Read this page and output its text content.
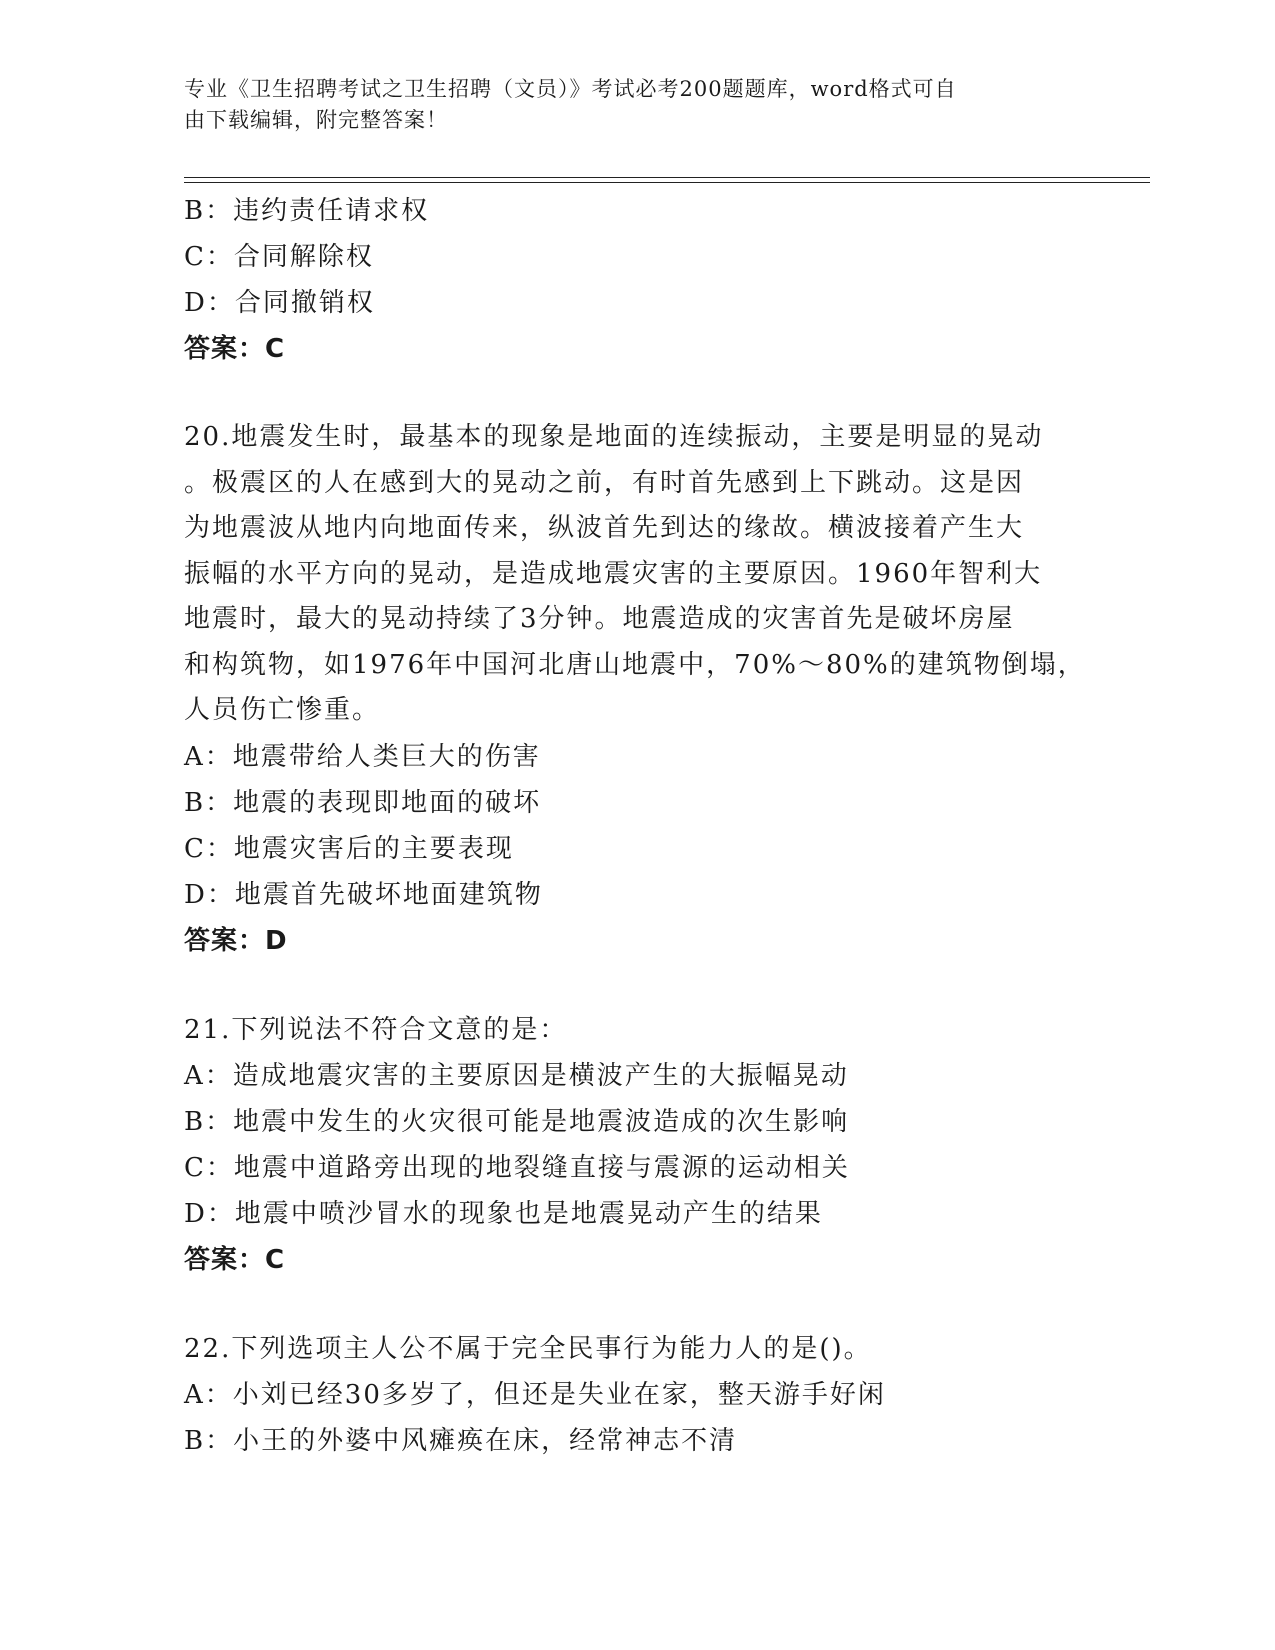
专业《卫生招聘考试之卫生招聘（文员）》考试必考200题题库，word格式可自
由下载编辑，附完整答案！
B：违约责任请求权
C：合同解除权
D：合同撤销权
答案：C
20.地震发生时，最基本的现象是地面的连续振动，主要是明显的晃动
。极震区的人在感到大的晃动之前，有时首先感到上下跳动。这是因
为地震波从地内向地面传来，纵波首先到达的缘故。横波接着产生大
振幅的水平方向的晃动，是造成地震灾害的主要原因。1960年智利大
地震时，最大的晃动持续了3分钟。地震造成的灾害首先是破坏房屋
和构筑物，如1976年中国河北唐山地震中，70%～80%的建筑物倒塌，
人员伤亡惨重。
A：地震带给人类巨大的伤害
B：地震的表现即地面的破坏
C：地震灾害后的主要表现
D：地震首先破坏地面建筑物
答案：D
21.下列说法不符合文意的是：
A：造成地震灾害的主要原因是横波产生的大振幅晃动
B：地震中发生的火灾很可能是地震波造成的次生影响
C：地震中道路旁出现的地裂缝直接与震源的运动相关
D：地震中喷沙冒水的现象也是地震晃动产生的结果
答案：C
22.下列选项主人公不属于完全民事行为能力人的是()。
A：小刘已经30多岁了，但还是失业在家，整天游手好闲
B：小王的外婆中风瘫痪在床，经常神志不清
